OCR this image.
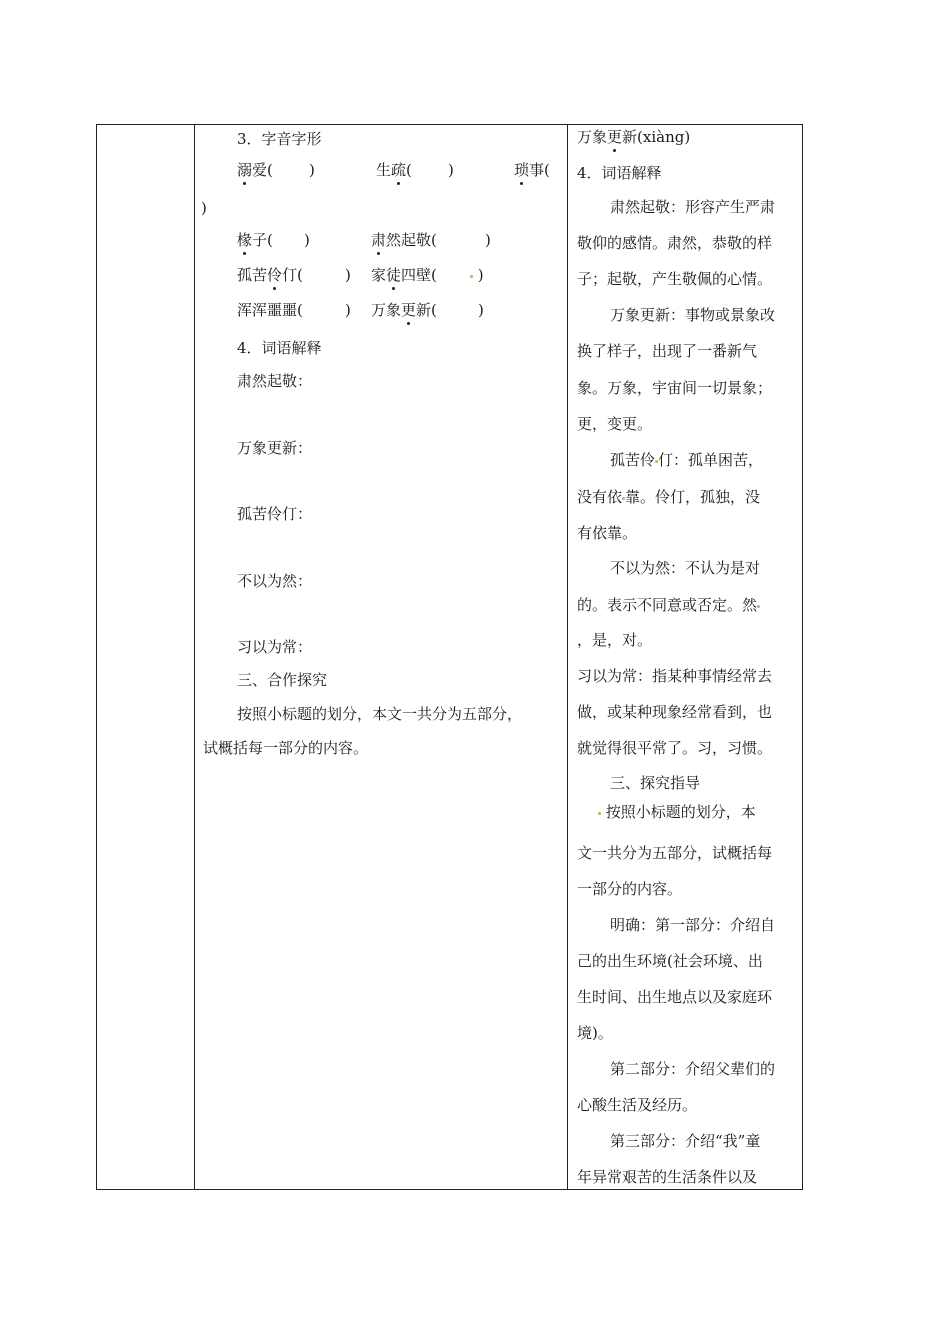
3．字音字形
溺爱( )	生疏( )	琐事(
)
椽子( )	肃然起敬(	)
孤苦伶仃(	) 家徒四壁(	)
浑浑噩噩(	) 万象更新(	)
4．词语解释
肃然起敬：
万象更新：
孤苦伶仃：
不以为然：
习以为常：
三、合作探究
按照小标题的划分，本文一共分为五部分，
试概括每一部分的内容。
万象更新(xiàng)
4．词语解释
肃然起敬：形容产生严肃
敬仰的感情。肃然，恭敬的样
子；起敬，产生敬佩的心情。
万象更新：事物或景象改
换了样子，出现了一番新气
象。万象，宇宙间一切景象；
更，变更。
孤苦伶 仃：孤单困苦，
没有依 靠。伶仃，孤独，没
有依靠。
不以为然：不认为是对
的。表示不同意或否定。然
，是，对。
习以为常：指某种事情经常去
做，或某种现象经常看到，也
就觉得很平常了。习，习惯。
三、探究指导
按照小标题的划分，本
文一共分为五部分，试概括每
一部分的内容。
明确：第一部分：介绍自
己的出生环境(社会环境、出
生时间、出生地点以及家庭环
境)。
第二部分：介绍父辈们的
心酸生活及经历。
第三部分：介绍“我”童
年异常艰苦的生活条件以及
